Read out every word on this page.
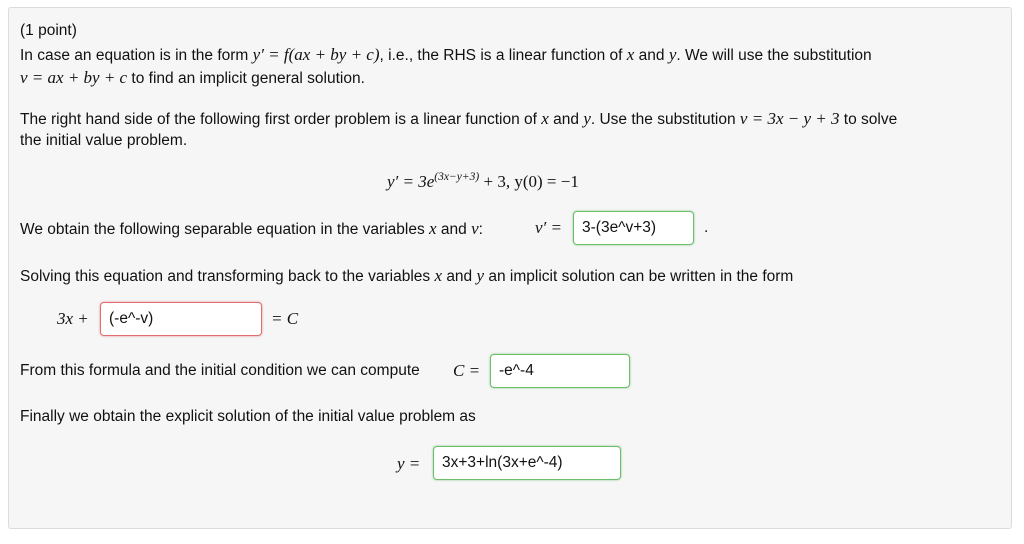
(1 point)
In case an equation is in the form y′ = f(ax + by + c), i.e., the RHS is a linear function of x and y. We will use the substitution
v = ax + by + c to find an implicit general solution.
The right hand side of the following first order problem is a linear function of x and y. Use the substitution v = 3x − y + 3 to solve
the initial value problem.
$y' = 3e^{(3x-y+3)} + 3$, y(0) = −1
We obtain the following separable equation in the variables x and v:	v′ =	3-(3e^v+3)	.
Solving this equation and transforming back to the variables x and y an implicit solution can be written in the form
3x +	(-e^-v)	= C
From this formula and the initial condition we can compute C =	-e^-4
Finally we obtain the explicit solution of the initial value problem as
y =	3x+3+ln(3x+e^-4)
